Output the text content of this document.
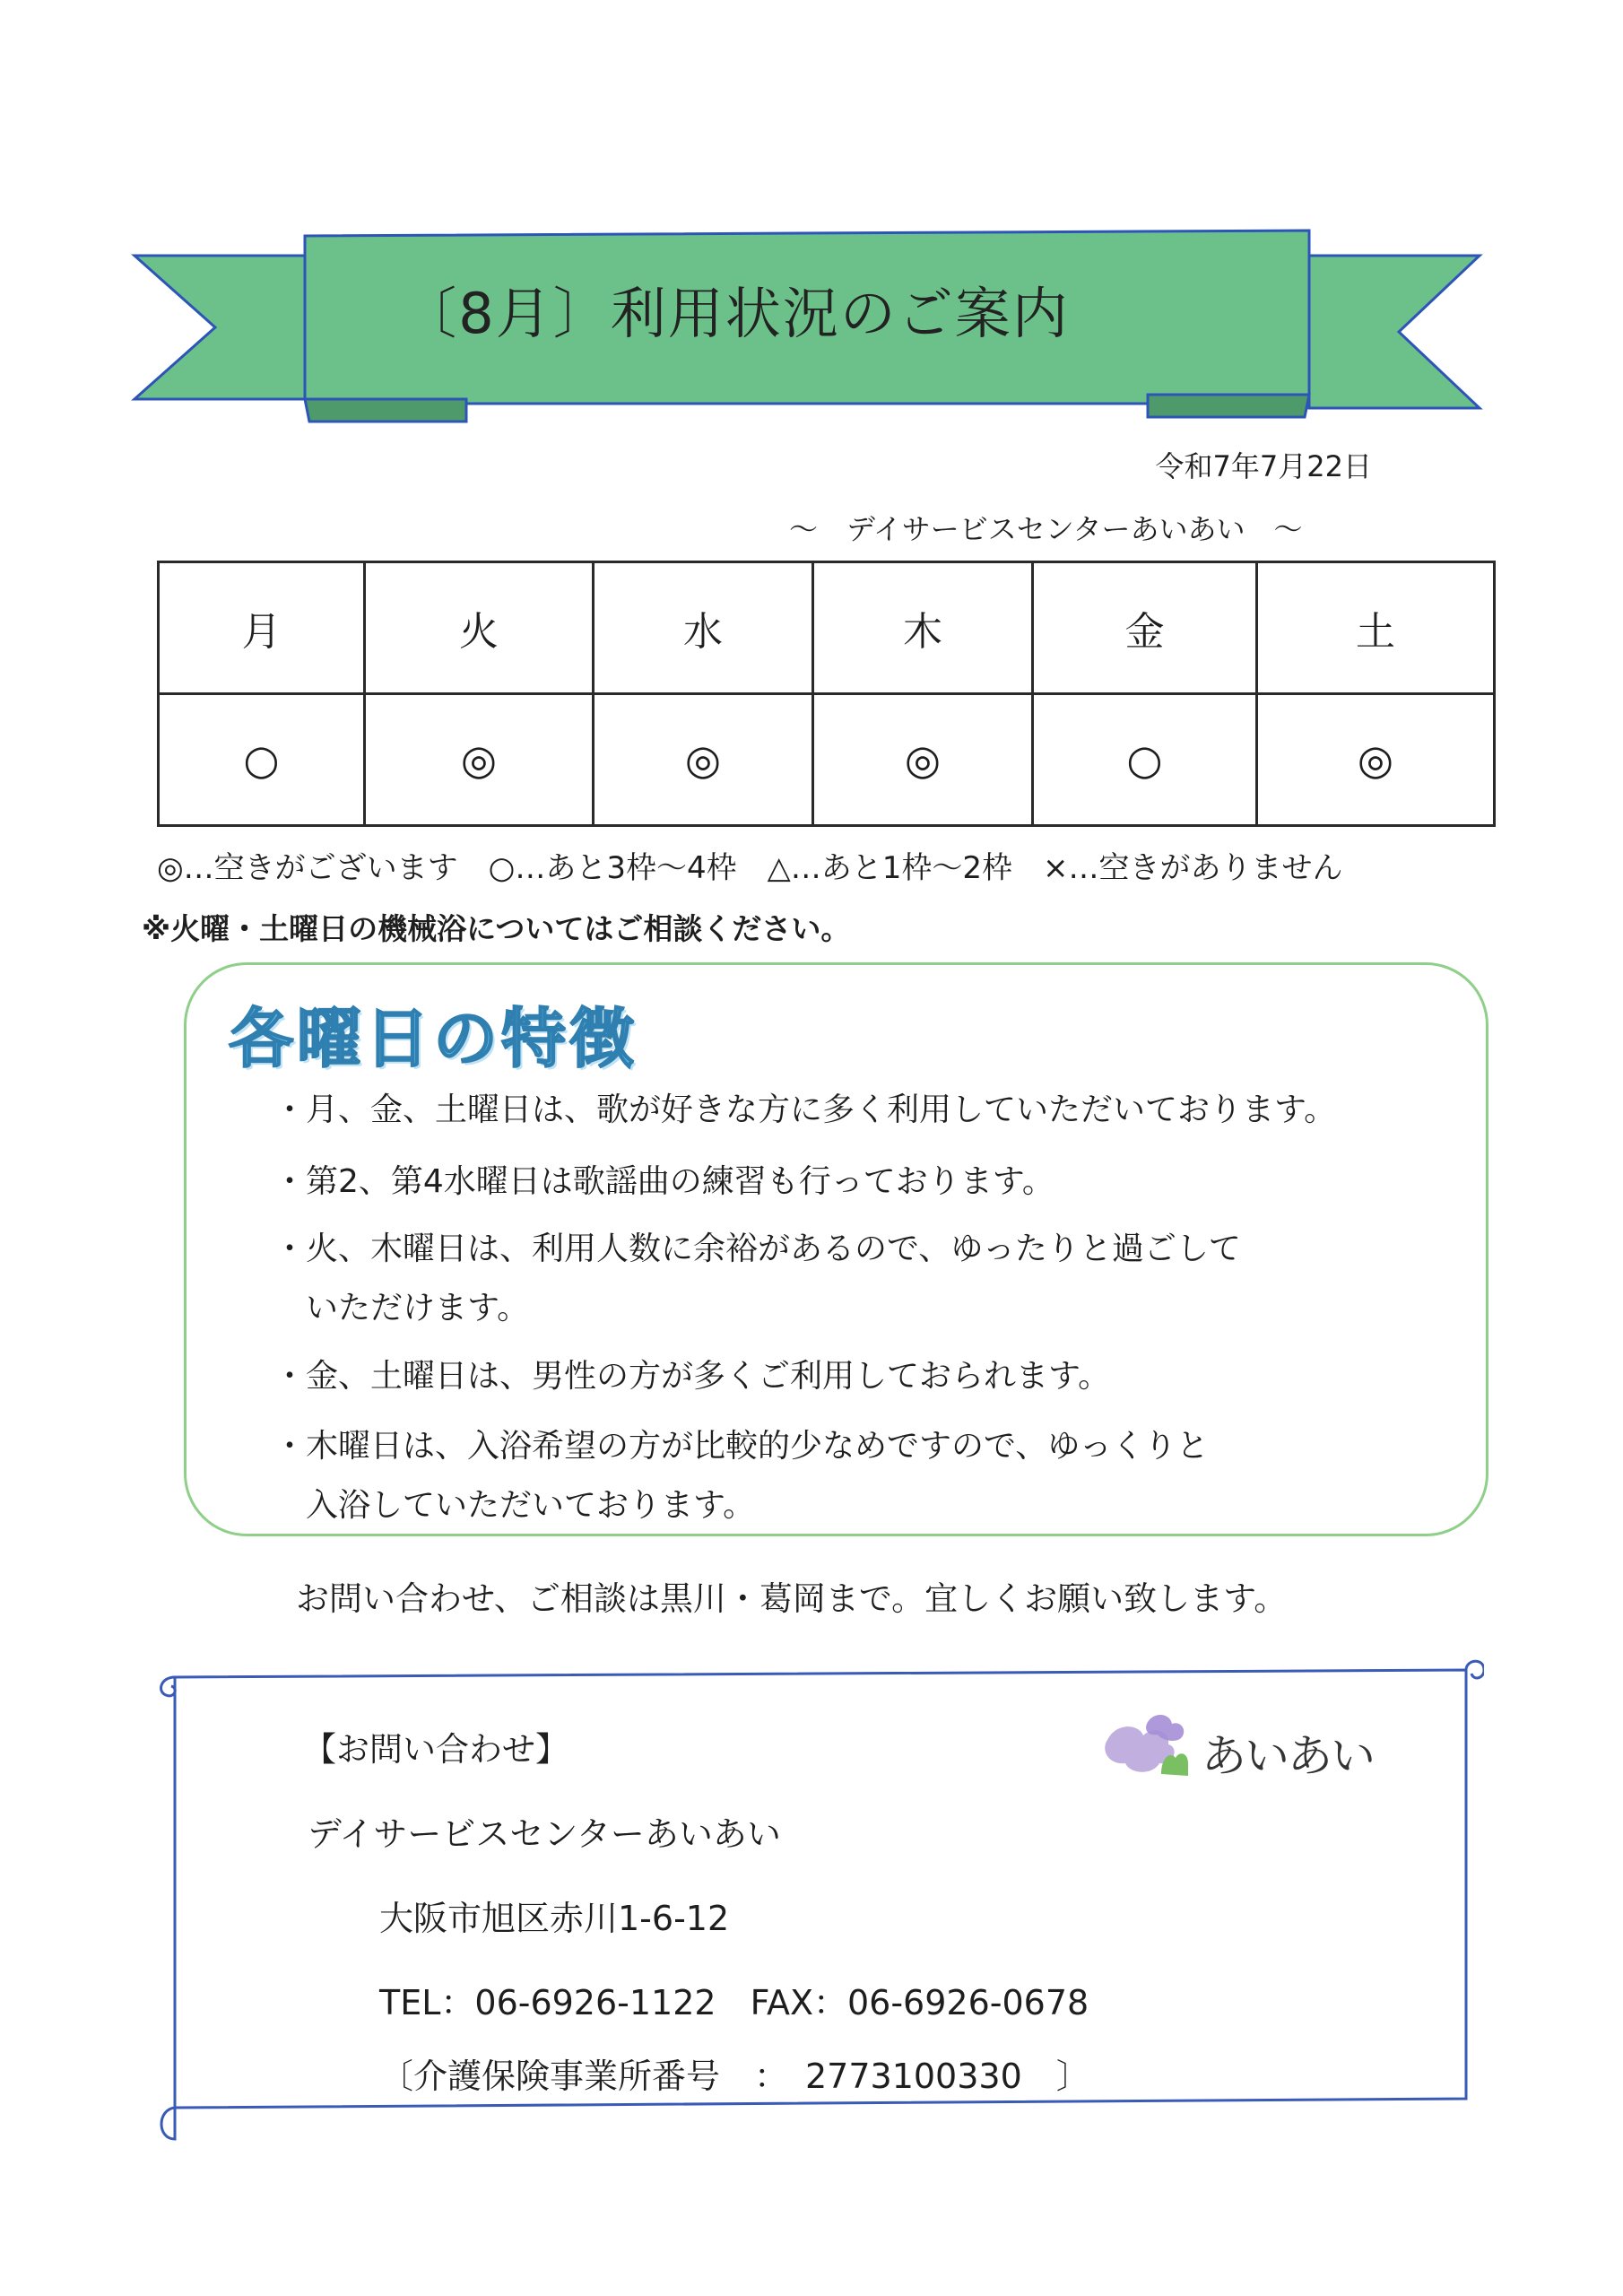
〔8月〕利用状況のご案内
令和7年7月22日
～　デイサービスセンターあいあい　～
月	火	水	木	金	土
○	◎	◎	◎	○	◎
◎…空きがございます　○…あと3枠～4枠　△…あと1枠～2枠　×…空きがありません
※火曜・土曜日の機械浴についてはご相談ください。
各曜日の特徴
・月、金、土曜日は、歌が好きな方に多く利用していただいております。
・第2、第4水曜日は歌謡曲の練習も行っております。
・火、木曜日は、利用人数に余裕があるので、ゆったりと過ごして
　いただけます。
・金、土曜日は、男性の方が多くご利用しておられます。
・木曜日は、入浴希望の方が比較的少なめですので、ゆっくりと
　入浴していただいております。
お問い合わせ、ご相談は黒川・葛岡まで。宜しくお願い致します。
【お問い合わせ】
デイサービスセンターあいあい
大阪市旭区赤川1-6-12
TEL：06-6926-1122　FAX：06-6926-0678
〔介護保険事業所番号　：　2773100330　〕
あいあい
